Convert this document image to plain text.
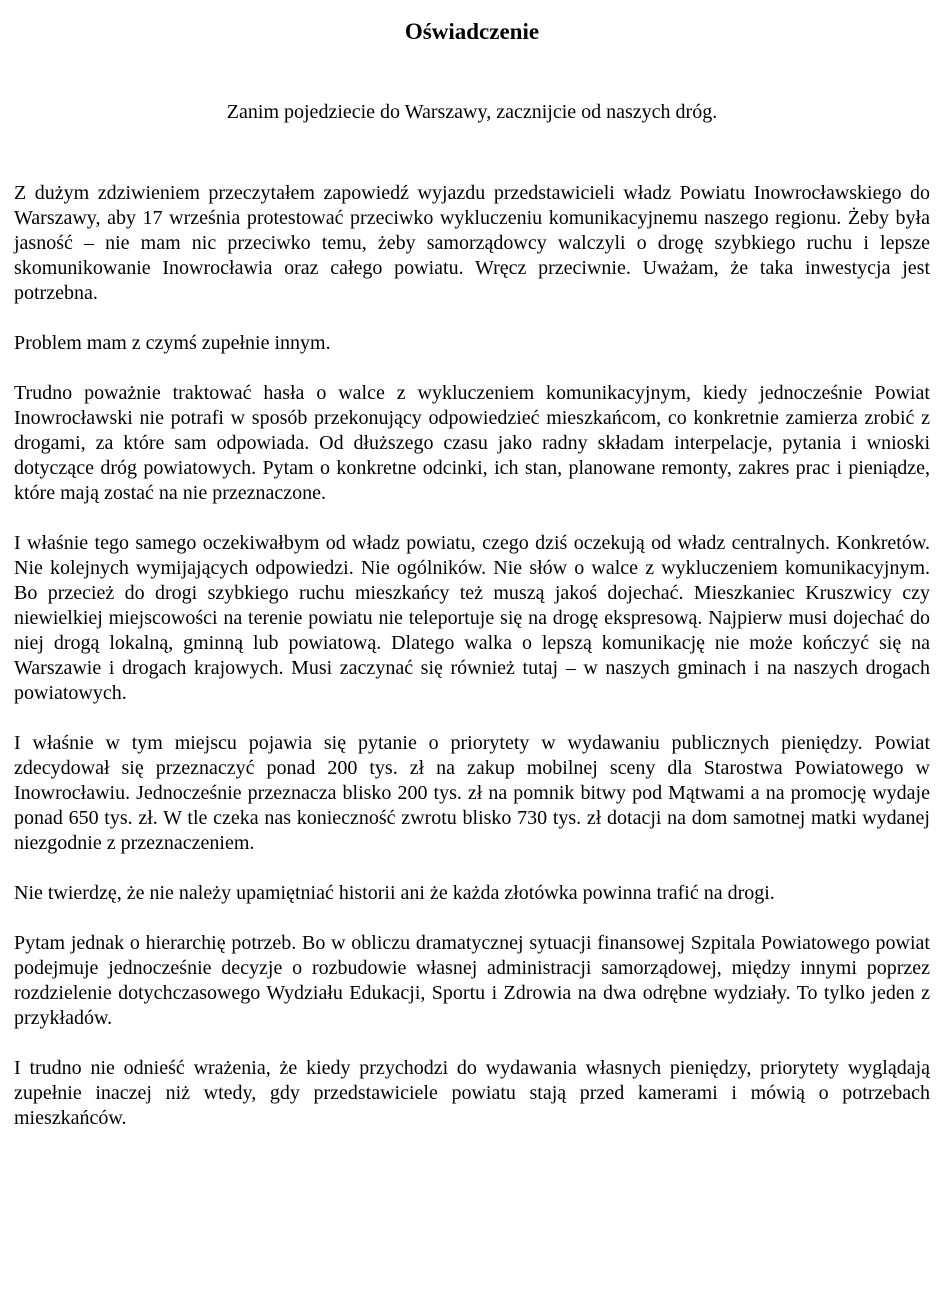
Oświadczenie

Zanim pojedziecie do Warszawy, zacznijcie od naszych dróg.

Z dużym zdziwieniem przeczytałem zapowiedź wyjazdu przedstawicieli władz Powiatu Inowrocławskiego do Warszawy, aby 17 września protestować przeciwko wykluczeniu komunikacyjnemu naszego regionu. Żeby była jasność – nie mam nic przeciwko temu, żeby samorządowcy walczyli o drogę szybkiego ruchu i lepsze skomunikowanie Inowrocławia oraz całego powiatu. Wręcz przeciwnie. Uważam, że taka inwestycja jest potrzebna.

Problem mam z czymś zupełnie innym.

Trudno poważnie traktować hasła o walce z wykluczeniem komunikacyjnym, kiedy jednocześnie Powiat Inowrocławski nie potrafi w sposób przekonujący odpowiedzieć mieszkańcom, co konkretnie zamierza zrobić z drogami, za które sam odpowiada. Od dłuższego czasu jako radny składam interpelacje, pytania i wnioski dotyczące dróg powiatowych. Pytam o konkretne odcinki, ich stan, planowane remonty, zakres prac i pieniądze, które mają zostać na nie przeznaczone.

I właśnie tego samego oczekiwałbym od władz powiatu, czego dziś oczekują od władz centralnych. Konkretów. Nie kolejnych wymijających odpowiedzi. Nie ogólników. Nie słów o walce z wykluczeniem komunikacyjnym. Bo przecież do drogi szybkiego ruchu mieszkańcy też muszą jakoś dojechać. Mieszkaniec Kruszwicy czy niewielkiej miejscowości na terenie powiatu nie teleportuje się na drogę ekspresową. Najpierw musi dojechać do niej drogą lokalną, gminną lub powiatową. Dlatego walka o lepszą komunikację nie może kończyć się na Warszawie i drogach krajowych. Musi zaczynać się również tutaj – w naszych gminach i na naszych drogach powiatowych.

I właśnie w tym miejscu pojawia się pytanie o priorytety w wydawaniu publicznych pieniędzy. Powiat zdecydował się przeznaczyć ponad 200 tys. zł na zakup mobilnej sceny dla Starostwa Powiatowego w Inowrocławiu. Jednocześnie przeznacza blisko 200 tys. zł na pomnik bitwy pod Mątwami a na promocję wydaje ponad 650 tys. zł. W tle czeka nas konieczność zwrotu blisko 730 tys. zł dotacji na dom samotnej matki wydanej niezgodnie z przeznaczeniem.

Nie twierdzę, że nie należy upamiętniać historii ani że każda złotówka powinna trafić na drogi.

Pytam jednak o hierarchię potrzeb. Bo w obliczu dramatycznej sytuacji finansowej Szpitala Powiatowego powiat podejmuje jednocześnie decyzje o rozbudowie własnej administracji samorządowej, między innymi poprzez rozdzielenie dotychczasowego Wydziału Edukacji, Sportu i Zdrowia na dwa odrębne wydziały. To tylko jeden z przykładów.

I trudno nie odnieść wrażenia, że kiedy przychodzi do wydawania własnych pieniędzy, priorytety wyglądają zupełnie inaczej niż wtedy, gdy przedstawiciele powiatu stają przed kamerami i mówią o potrzebach mieszkańców.
